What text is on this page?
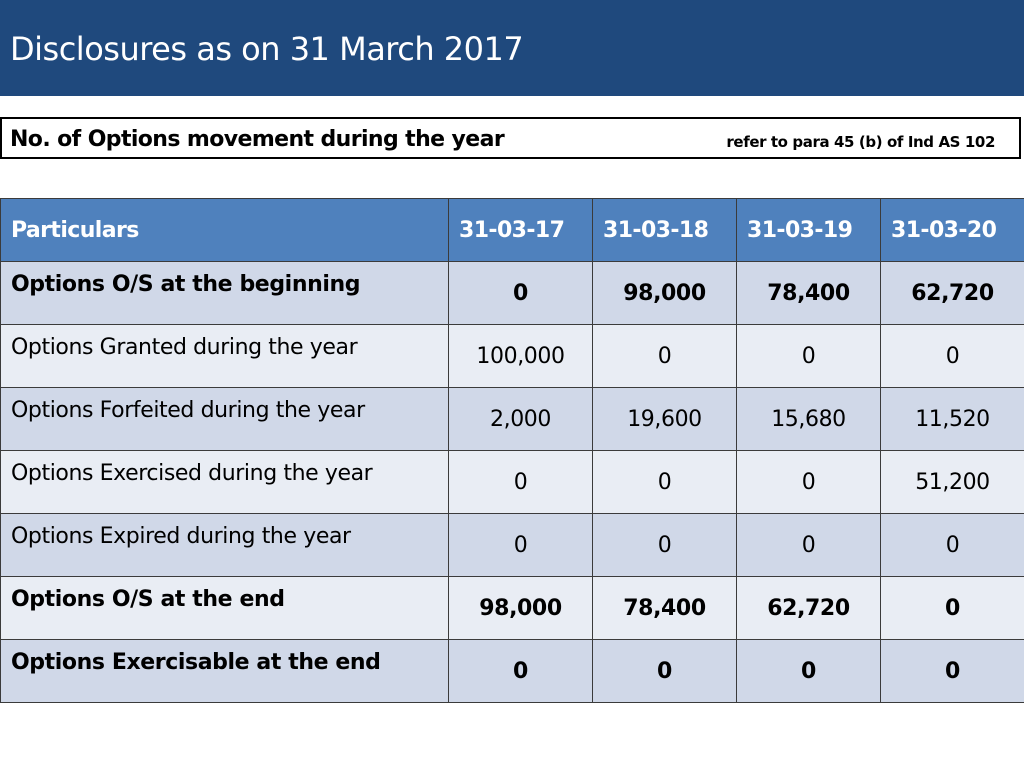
Disclosures as on 31 March 2017
No. of Options movement during the year	refer to para 45 (b) of Ind AS 102
Particulars	31-03-17	31-03-18	31-03-19	31-03-20
Options O/S at the beginning	0	98,000	78,400	62,720
Options Granted during the year	100,000	0	0	0
Options Forfeited during the year	2,000	19,600	15,680	11,520
Options Exercised during the year	0	0	0	51,200
Options Expired during the year	0	0	0	0
Options O/S at the end	98,000	78,400	62,720	0
Options Exercisable at the end	0	0	0	0
